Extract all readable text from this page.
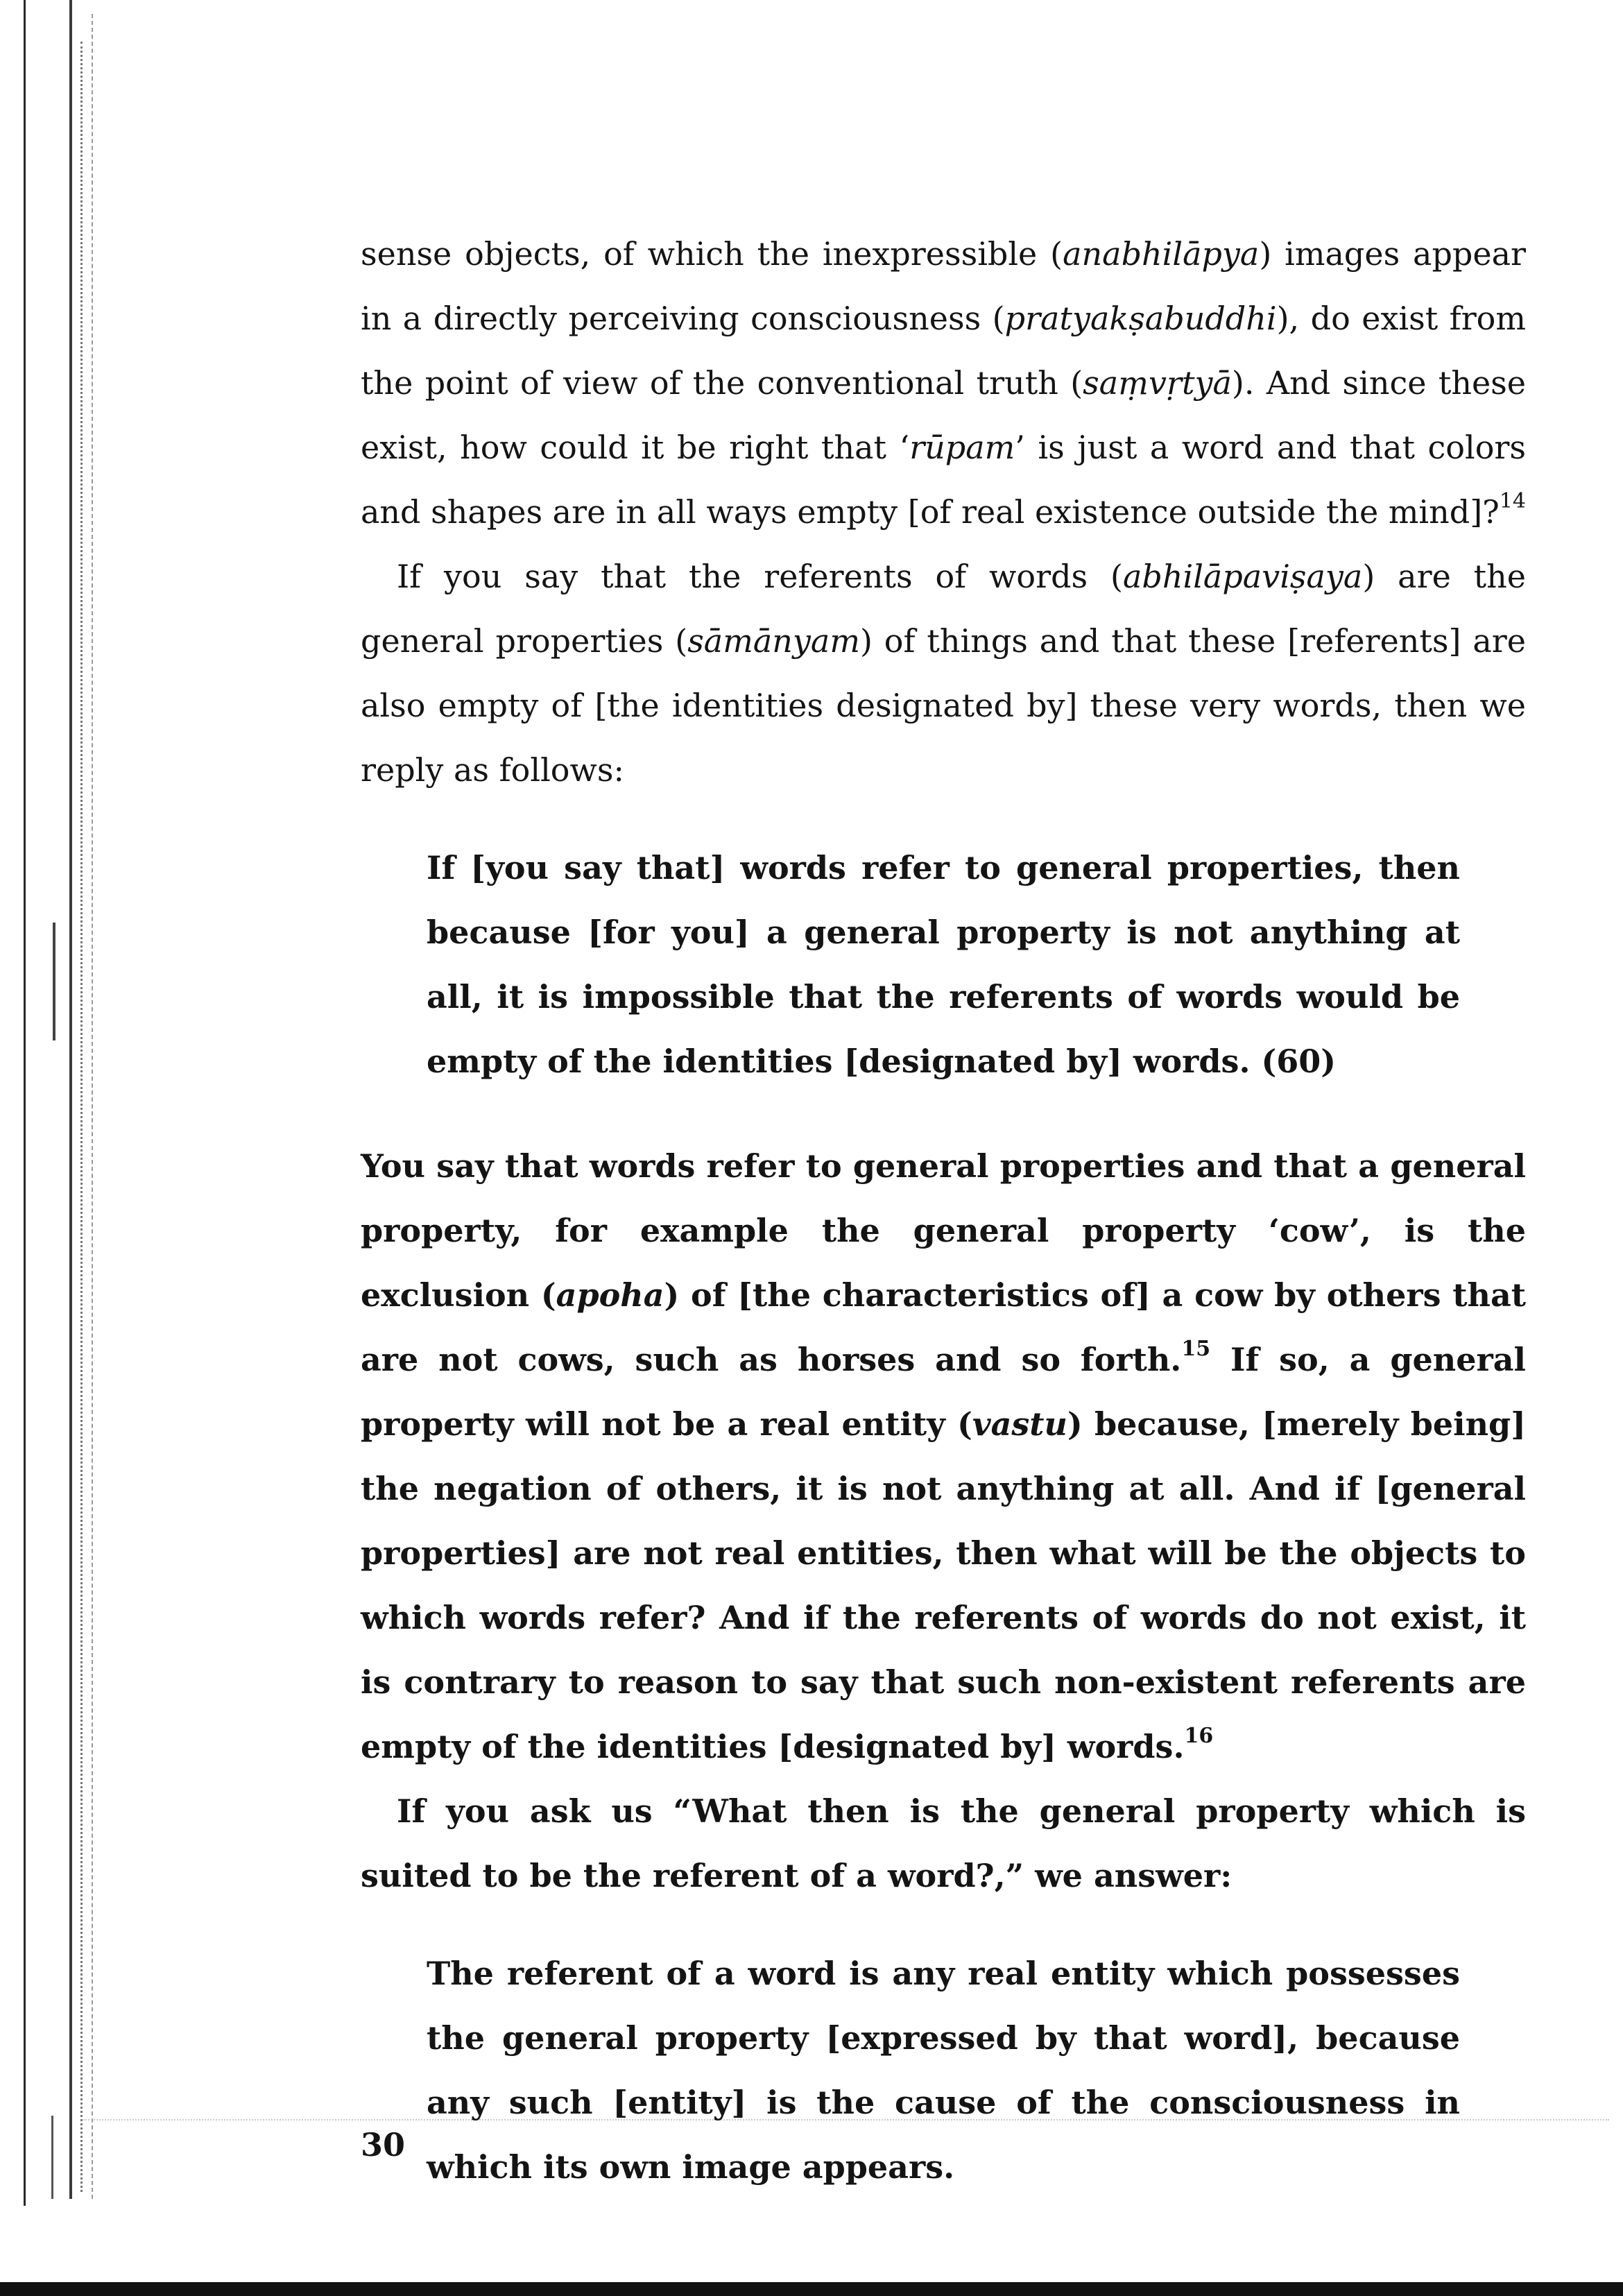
sense objects, of which the inexpressible (anabhilāpya) images appear in a directly perceiving consciousness (pratyakṣabuddhi), do exist from the point of view of the conventional truth (saṃvṛtyā). And since these exist, how could it be right that ‘rūpam’ is just a word and that colors and shapes are in all ways empty [of real existence outside the mind]?$^{14}$

If you say that the referents of words (abhilāpaviṣaya) are the general properties (sāmānyam) of things and that these [referents] are also empty of [the identities designated by] these very words, then we reply as follows:

If [you say that] words refer to general properties, then because [for you] a general property is not anything at all, it is impossible that the referents of words would be empty of the identities [designated by] words. (60)

You say that words refer to general properties and that a general property, for example the general property ‘cow’, is the exclusion (apoha) of [the characteristics of] a cow by others that are not cows, such as horses and so forth.$^{15}$ If so, a general property will not be a real entity (vastu) because, [merely being] the negation of others, it is not anything at all. And if [general properties] are not real entities, then what will be the objects to which words refer? And if the referents of words do not exist, it is contrary to reason to say that such non-existent referents are empty of the identities [designated by] words.$^{16}$

If you ask us “What then is the general property which is suited to be the referent of a word?,” we answer:

The referent of a word is any real entity which possesses the general property [expressed by that word], because any such [entity] is the cause of the consciousness in which its own image appears.

30
